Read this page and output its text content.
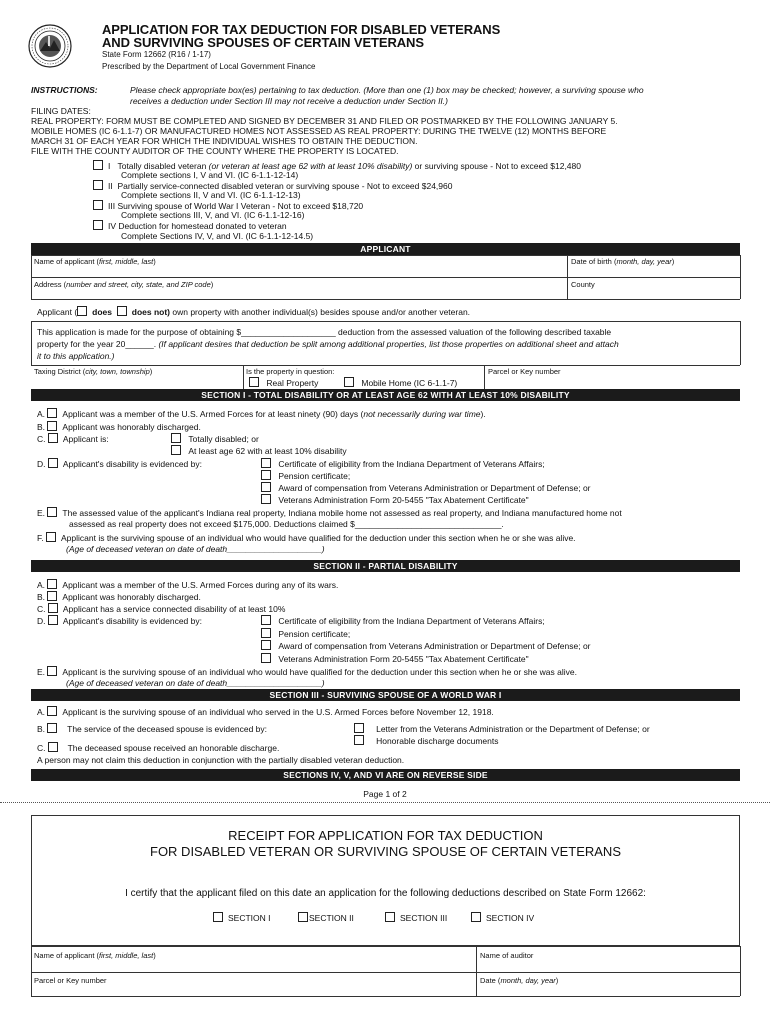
APPLICATION FOR TAX DEDUCTION FOR DISABLED VETERANS
AND SURVIVING SPOUSES OF CERTAIN VETERANS
State Form 12662 (R16 / 1-17)
Prescribed by the Department of Local Government Finance
INSTRUCTIONS:	Please check appropriate box(es) pertaining to tax deduction. (More than one (1) box may be checked; however, a surviving spouse who
receives a deduction under Section III may not receive a deduction under Section II.)
FILING DATES:
REAL PROPERTY: FORM MUST BE COMPLETED AND SIGNED BY DECEMBER 31 AND FILED OR POSTMARKED BY THE FOLLOWING JANUARY 5.
MOBILE HOMES (IC 6-1.1-7) OR MANUFACTURED HOMES NOT ASSESSED AS REAL PROPERTY: DURING THE TWELVE (12) MONTHS BEFORE
MARCH 31 OF EACH YEAR FOR WHICH THE INDIVIDUAL WISHES TO OBTAIN THE DEDUCTION.
FILE WITH THE COUNTY AUDITOR OF THE COUNTY WHERE THE PROPERTY IS LOCATED.
I Totally disabled veteran (or veteran at least age 62 with at least 10% disability) or surviving spouse - Not to exceed $12,480
Complete sections I, V and VI. (IC 6-1.1-12-14)
II Partially service-connected disabled veteran or surviving spouse - Not to exceed $24,960
Complete sections II, V and VI. (IC 6-1.1-12-13)
III Surviving spouse of World War I Veteran - Not to exceed $18,720
Complete sections III, V, and VI. (IC 6-1.1-12-16)
IV Deduction for homestead donated to veteran
Complete Sections IV, V, and VI. (IC 6-1.1-12-14.5)
APPLICANT
Name of applicant (first, middle, last)	Date of birth (month, day, year)
Address (number and street, city, state, and ZIP code)	County
Applicant ( does does not) own property with another individual(s) besides spouse and/or another veteran.
This application is made for the purpose of obtaining $____________________ deduction from the assessed valuation of the following described taxable
property for the year 20______. (If applicant desires that deduction be split among additional properties, list those properties on additional sheet and attach
it to this application.)
Taxing District (city, town, township)	Is the property in question:	Parcel or Key number
Real Property	Mobile Home (IC 6-1.1-7)
SECTION I - TOTAL DISABILITY OR AT LEAST AGE 62 WITH AT LEAST 10% DISABILITY
A. Applicant was a member of the U.S. Armed Forces for at least ninety (90) days (not necessarily during war time).
B. Applicant was honorably discharged.
C. Applicant is:	Totally disabled; or
At least age 62 with at least 10% disability
D. Applicant's disability is evidenced by:	Certificate of eligibility from the Indiana Department of Veterans Affairs;
Pension certificate;
Award of compensation from Veterans Administration or Department of Defense; or
Veterans Administration Form 20-5455 "Tax Abatement Certificate"
E. The assessed value of the applicant's Indiana real property, Indiana mobile home not assessed as real property, and Indiana manufactured home not
assessed as real property does not exceed $175,000. Deductions claimed $_______________________________.
F. Applicant is the surviving spouse of an individual who would have qualified for the deduction under this section when he or she was alive.
(Age of deceased veteran on date of death____________________)
SECTION II - PARTIAL DISABILITY
A. Applicant was a member of the U.S. Armed Forces during any of its wars.
B. Applicant was honorably discharged.
C. Applicant has a service connected disability of at least 10%
D. Applicant's disability is evidenced by:	Certificate of eligibility from the Indiana Department of Veterans Affairs;
Pension certificate;
Award of compensation from Veterans Administration or Department of Defense; or
Veterans Administration Form 20-5455 "Tax Abatement Certificate"
E. Applicant is the surviving spouse of an individual who would have qualified for the deduction under this section when he or she was alive.
(Age of deceased veteran on date of death____________________)
SECTION III - SURVIVING SPOUSE OF A WORLD WAR I
A. Applicant is the surviving spouse of an individual who served in the U.S. Armed Forces before November 12, 1918.
B.   The service of the deceased spouse is evidenced by:	Letter from the Veterans Administration or the Department of Defense; or
Honorable discharge documents
C.   The deceased spouse received an honorable discharge.
A person may not claim this deduction in conjunction with the partially disabled veteran deduction.
SECTIONS IV, V, AND VI ARE ON REVERSE SIDE
Page 1 of 2
RECEIPT FOR APPLICATION FOR TAX DEDUCTION
FOR DISABLED VETERAN OR SURVIVING SPOUSE OF CERTAIN VETERANS
I certify that the applicant filed on this date an application for the following deductions described on State Form 12662:
SECTION I	SECTION II	SECTION III	SECTION IV
Name of applicant (first, middle, last)	Name of auditor
Parcel or Key number	Date (month, day, year)
